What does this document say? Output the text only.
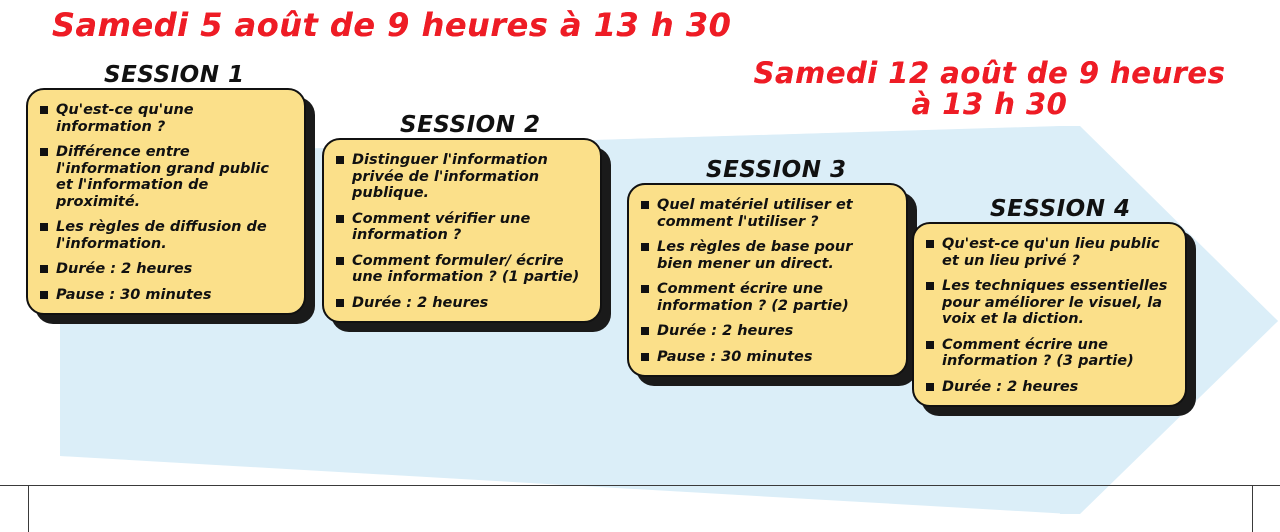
Samedi 5 août de 9 heures à 13 h 30
Samedi 12 août de 9 heures à 13 h 30
SESSION 1
Qu'est-ce qu'une information ?
Différence entre l'information grand public et l'information de proximité.
Les règles de diffusion de l'information.
Durée : 2 heures
Pause : 30 minutes
SESSION 2
Distinguer l'information privée de l'information publique.
Comment vérifier une information ?
Comment formuler/ écrire une information ? (1 partie)
Durée : 2 heures
SESSION 3
Quel matériel utiliser et comment l'utiliser ?
Les règles de base pour bien mener un direct.
Comment écrire une information ? (2 partie)
Durée : 2 heures
Pause : 30 minutes
SESSION 4
Qu'est-ce qu'un lieu public et un lieu privé ?
Les techniques essentielles pour améliorer le visuel, la voix et la diction.
Comment écrire une information ? (3 partie)
Durée : 2 heures
